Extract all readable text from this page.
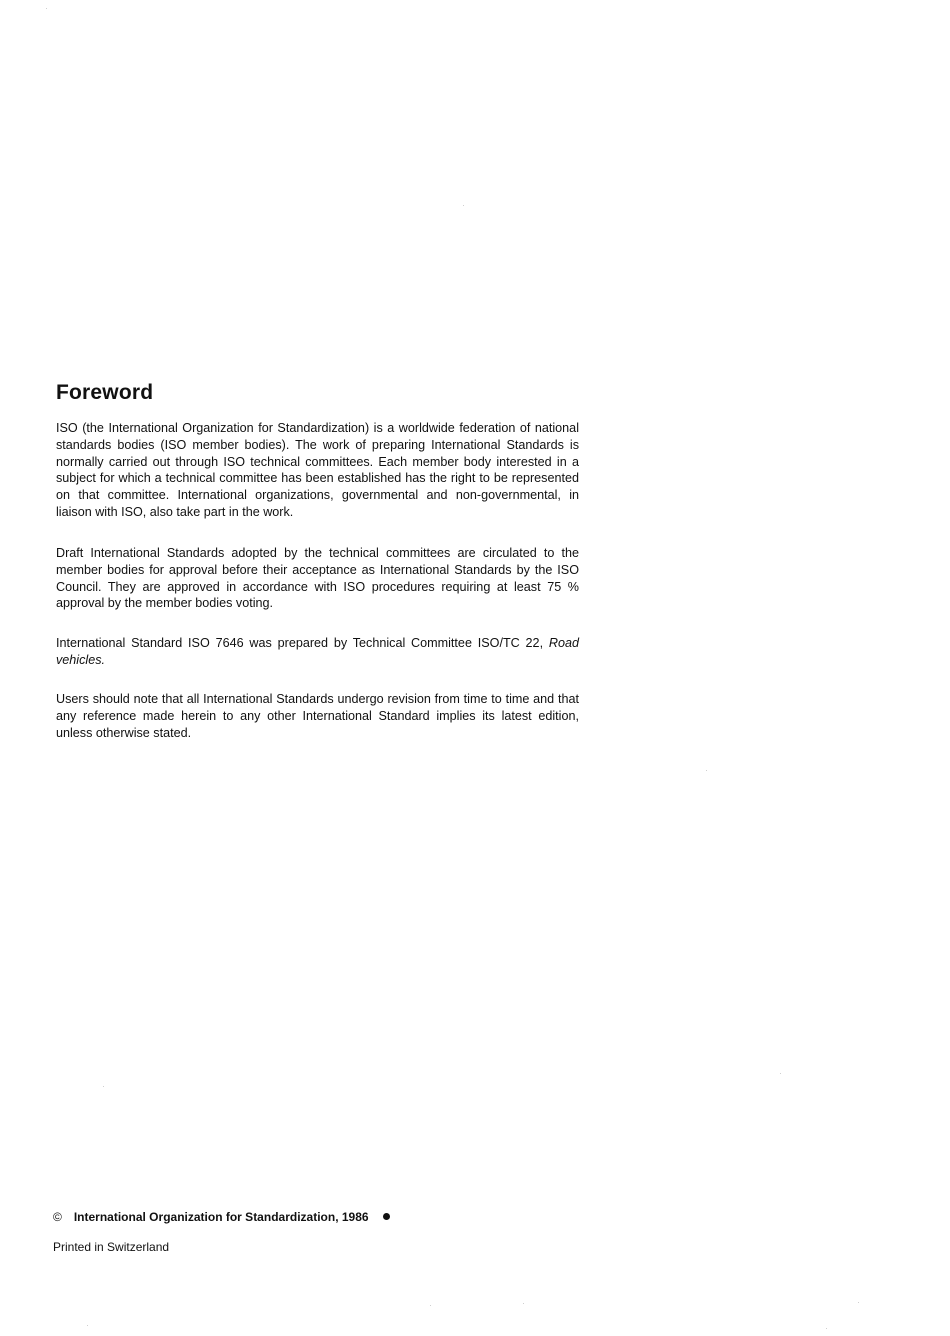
Foreword

ISO (the International Organization for Standardization) is a worldwide federation of national standards bodies (ISO member bodies). The work of preparing International Standards is normally carried out through ISO technical committees. Each member body interested in a subject for which a technical committee has been established has the right to be represented on that committee. International organizations, governmental and non-governmental, in liaison with ISO, also take part in the work.

Draft International Standards adopted by the technical committees are circulated to the member bodies for approval before their acceptance as International Standards by the ISO Council. They are approved in accordance with ISO procedures requiring at least 75 % approval by the member bodies voting.

International Standard ISO 7646 was prepared by Technical Committee ISO/TC 22, Road vehicles.

Users should note that all International Standards undergo revision from time to time and that any reference made herein to any other International Standard implies its latest edition, unless otherwise stated.

© International Organization for Standardization, 1986
Printed in Switzerland
